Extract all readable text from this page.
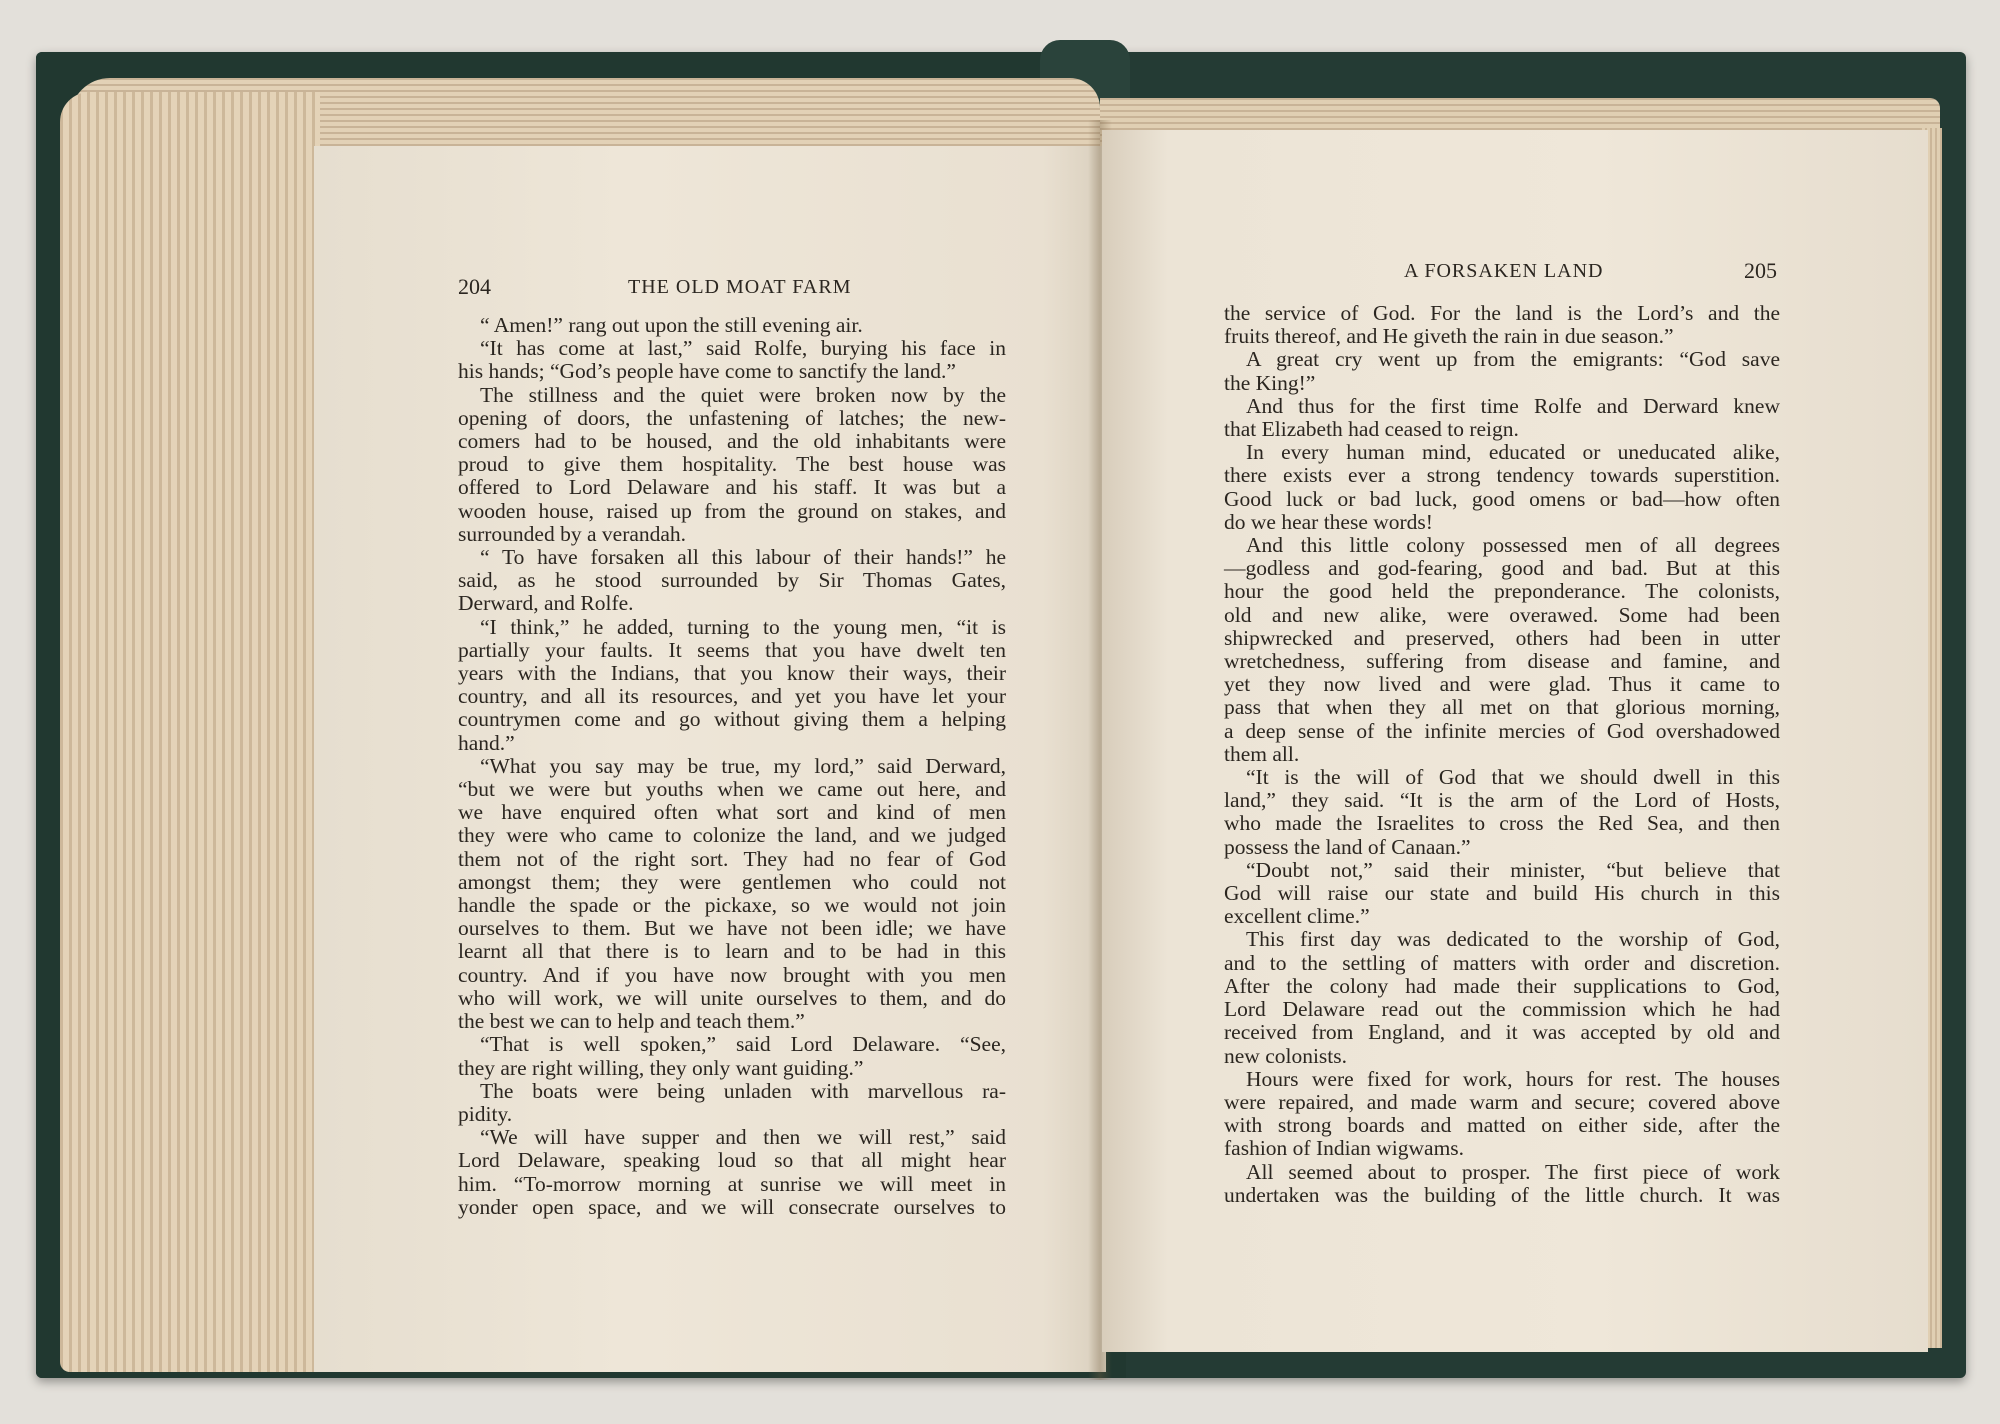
204	THE OLD MOAT FARM
“ Amen!” rang out upon the still evening air.
“It has come at last,” said Rolfe, burying his face in
his hands; “God’s people have come to sanctify the land.”
The stillness and the quiet were broken now by the
opening of doors, the unfastening of latches; the new-
comers had to be housed, and the old inhabitants were
proud to give them hospitality. The best house was
offered to Lord Delaware and his staff. It was but a
wooden house, raised up from the ground on stakes, and
surrounded by a verandah.
“ To have forsaken all this labour of their hands!” he
said, as he stood surrounded by Sir Thomas Gates,
Derward, and Rolfe.
“I think,” he added, turning to the young men, “it is
partially your faults. It seems that you have dwelt ten
years with the Indians, that you know their ways, their
country, and all its resources, and yet you have let your
countrymen come and go without giving them a helping
hand.”
“What you say may be true, my lord,” said Derward,
“but we were but youths when we came out here, and
we have enquired often what sort and kind of men
they were who came to colonize the land, and we judged
them not of the right sort. They had no fear of God
amongst them; they were gentlemen who could not
handle the spade or the pickaxe, so we would not join
ourselves to them. But we have not been idle; we have
learnt all that there is to learn and to be had in this
country. And if you have now brought with you men
who will work, we will unite ourselves to them, and do
the best we can to help and teach them.”
“That is well spoken,” said Lord Delaware. “See,
they are right willing, they only want guiding.”
The boats were being unladen with marvellous ra-
pidity.
“We will have supper and then we will rest,” said
Lord Delaware, speaking loud so that all might hear
him. “To-morrow morning at sunrise we will meet in
yonder open space, and we will consecrate ourselves to
A FORSAKEN LAND	205
the service of God. For the land is the Lord’s and the
fruits thereof, and He giveth the rain in due season.”
A great cry went up from the emigrants: “God save
the King!”
And thus for the first time Rolfe and Derward knew
that Elizabeth had ceased to reign.
In every human mind, educated or uneducated alike,
there exists ever a strong tendency towards superstition.
Good luck or bad luck, good omens or bad—how often
do we hear these words!
And this little colony possessed men of all degrees
—godless and god-fearing, good and bad. But at this
hour the good held the preponderance. The colonists,
old and new alike, were overawed. Some had been
shipwrecked and preserved, others had been in utter
wretchedness, suffering from disease and famine, and
yet they now lived and were glad. Thus it came to
pass that when they all met on that glorious morning,
a deep sense of the infinite mercies of God overshadowed
them all.
“It is the will of God that we should dwell in this
land,” they said. “It is the arm of the Lord of Hosts,
who made the Israelites to cross the Red Sea, and then
possess the land of Canaan.”
“Doubt not,” said their minister, “but believe that
God will raise our state and build His church in this
excellent clime.”
This first day was dedicated to the worship of God,
and to the settling of matters with order and discretion.
After the colony had made their supplications to God,
Lord Delaware read out the commission which he had
received from England, and it was accepted by old and
new colonists.
Hours were fixed for work, hours for rest. The houses
were repaired, and made warm and secure; covered above
with strong boards and matted on either side, after the
fashion of Indian wigwams.
All seemed about to prosper. The first piece of work
undertaken was the building of the little church. It was
